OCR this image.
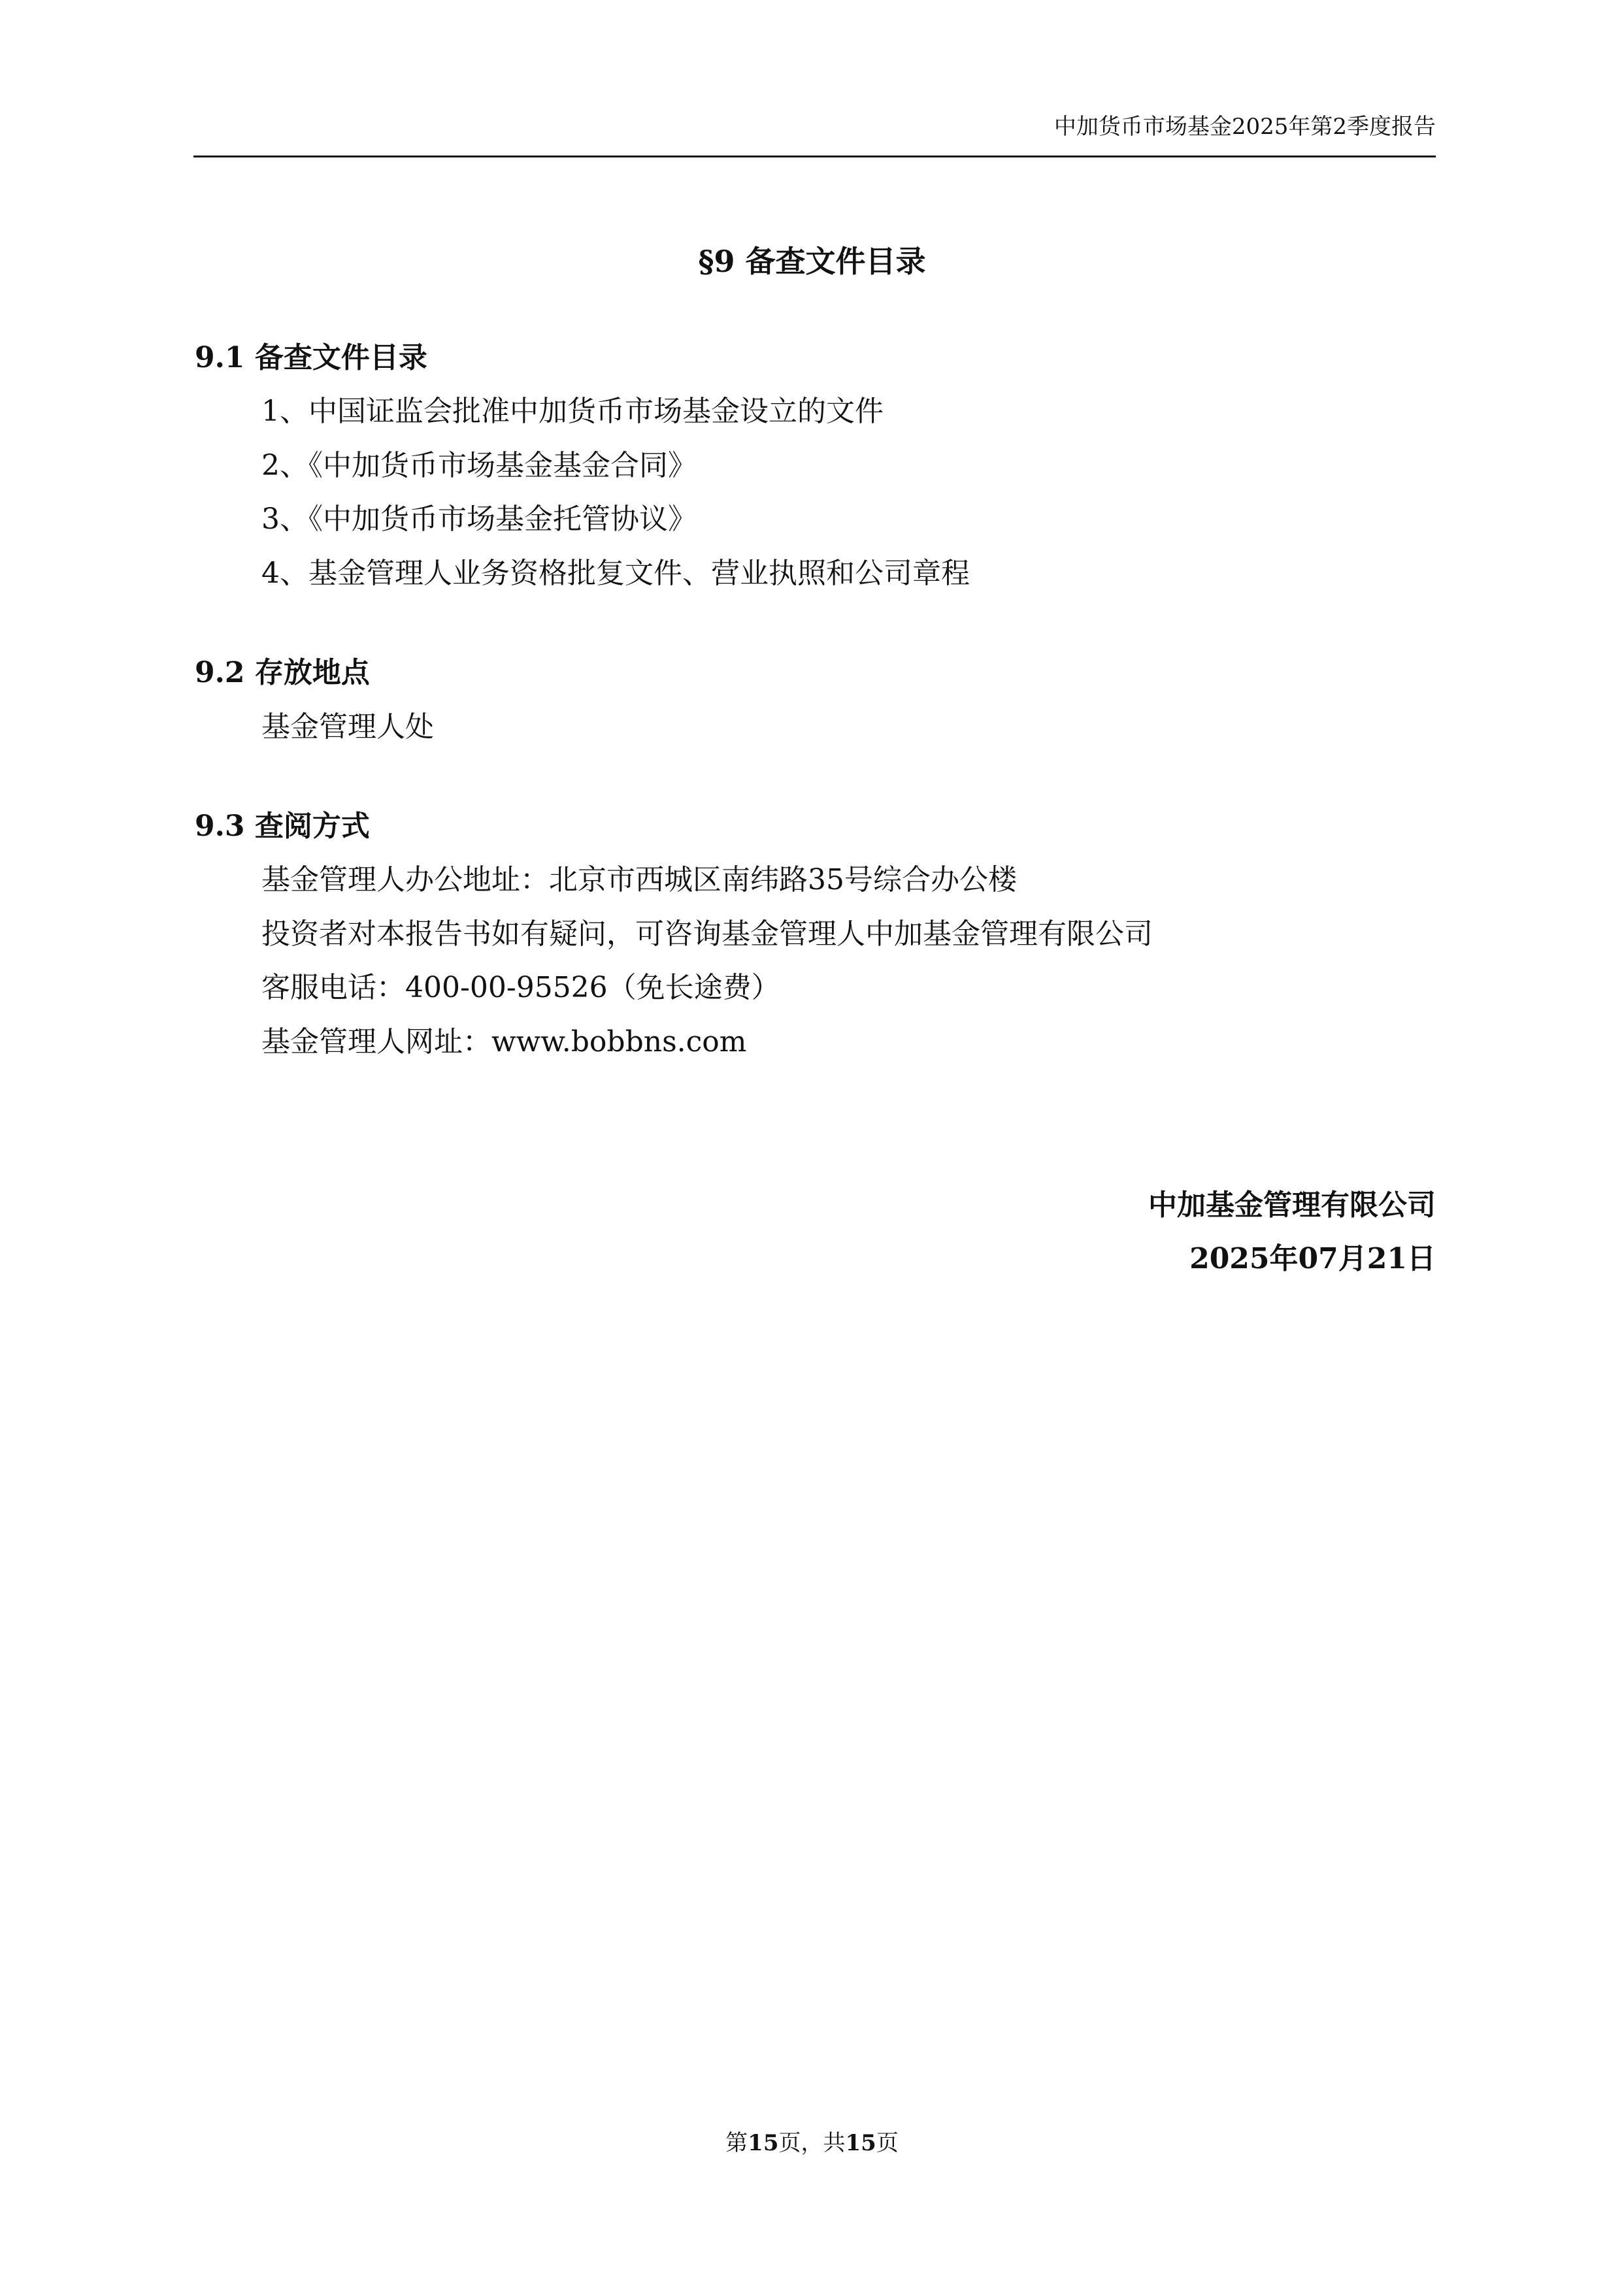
中加货币市场基金2025年第2季度报告
§9 备查文件目录
9.1 备查文件目录
1、中国证监会批准中加货币市场基金设立的文件
2、《中加货币市场基金基金合同》
3、《中加货币市场基金托管协议》
4、基金管理人业务资格批复文件、营业执照和公司章程
9.2 存放地点
基金管理人处
9.3 查阅方式
基金管理人办公地址：北京市西城区南纬路35号综合办公楼
投资者对本报告书如有疑问，可咨询基金管理人中加基金管理有限公司
客服电话：400-00-95526（免长途费）
基金管理人网址：www.bobbns.com
中加基金管理有限公司
2025年07月21日
第15页，共15页
